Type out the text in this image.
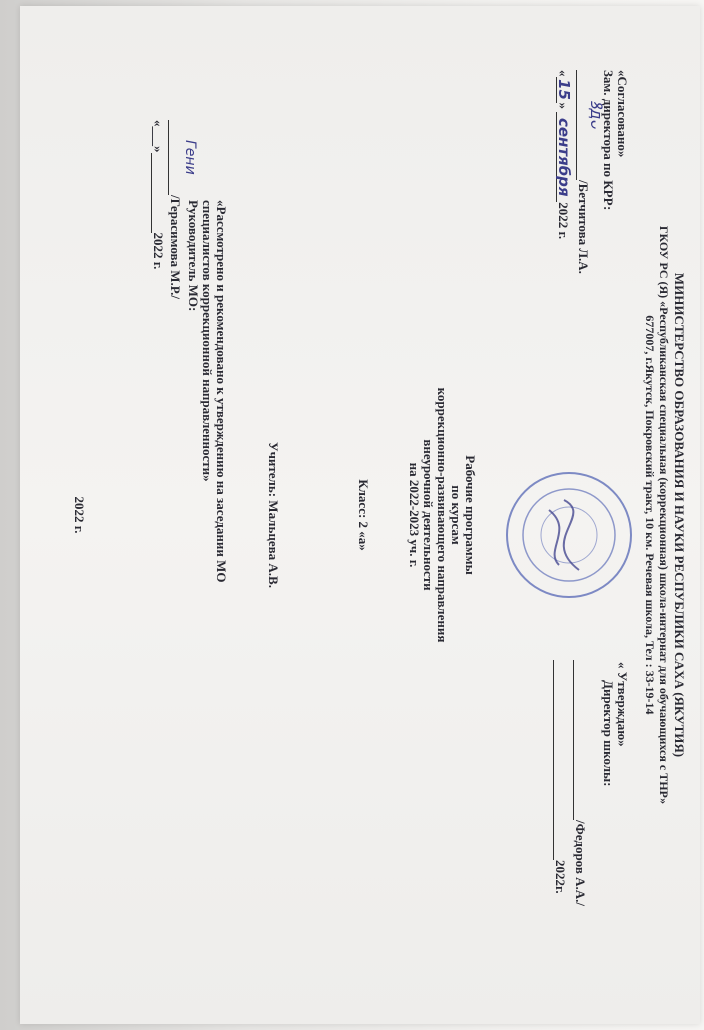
МИНИСТЕРСТВО ОБРАЗОВАНИЯ И НАУКИ РЕСПУБЛИКИ САХА (ЯКУТИЯ)
ГКОУ РС (Я) «Республиканская специальная (коррекционная) школа-интернат для обучающихся с ТНР»
677007, г.Якутск, Покровский тракт, 10 км. Речевая школа, Тел : 33-19-14
«Согласовано»
Зам. директора по КРР:
/Бетчитова Л.А.
ꝸдᴗ
«15» сентября2022 г.
« Утверждаю»
Директор школы:
/Федоров А.А./
2022г.
Рабочие программы
по курсам
коррекционно-развивающего направления
внеурочной деятельности
на 2022-2023 уч. г.
Класс: 2 «а»
Учитель: Мальцева А.В.
«Рассмотрено и рекомендовано к утверждению на заседании МО
специалистов коррекционной направленности»
Руководитель МО:
/Герасимова М.Р./
Гени
«___»2022 г.
2022 г.
